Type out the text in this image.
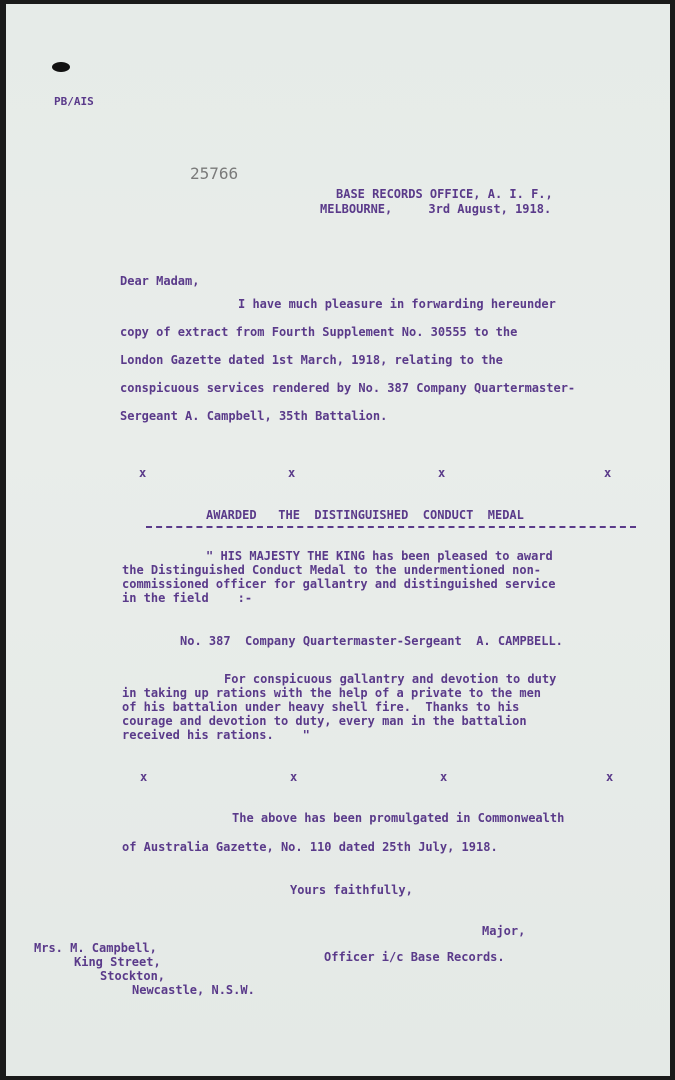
PB/AIS
25766
BASE RECORDS OFFICE, A. I. F.,
MELBOURNE,     3rd August, 1918.
Dear Madam,
I have much pleasure in forwarding hereunder
copy of extract from Fourth Supplement No. 30555 to the
London Gazette dated 1st March, 1918, relating to the
conspicuous services rendered by No. 387 Company Quartermaster-
Sergeant A. Campbell, 35th Battalion.
x	x	x	x
AWARDED   THE  DISTINGUISHED  CONDUCT  MEDAL
" HIS MAJESTY THE KING has been pleased to award
the Distinguished Conduct Medal to the undermentioned non-
commissioned officer for gallantry and distinguished service
in the field    :-
No. 387  Company Quartermaster-Sergeant  A. CAMPBELL.
For conspicuous gallantry and devotion to duty
in taking up rations with the help of a private to the men
of his battalion under heavy shell fire.  Thanks to his
courage and devotion to duty, every man in the battalion
received his rations.    "
x	x	x	x
The above has been promulgated in Commonwealth
of Australia Gazette, No. 110 dated 25th July, 1918.
Yours faithfully,
Major,
Officer i/c Base Records.
Mrs. M. Campbell,
King Street,
Stockton,
Newcastle, N.S.W.
